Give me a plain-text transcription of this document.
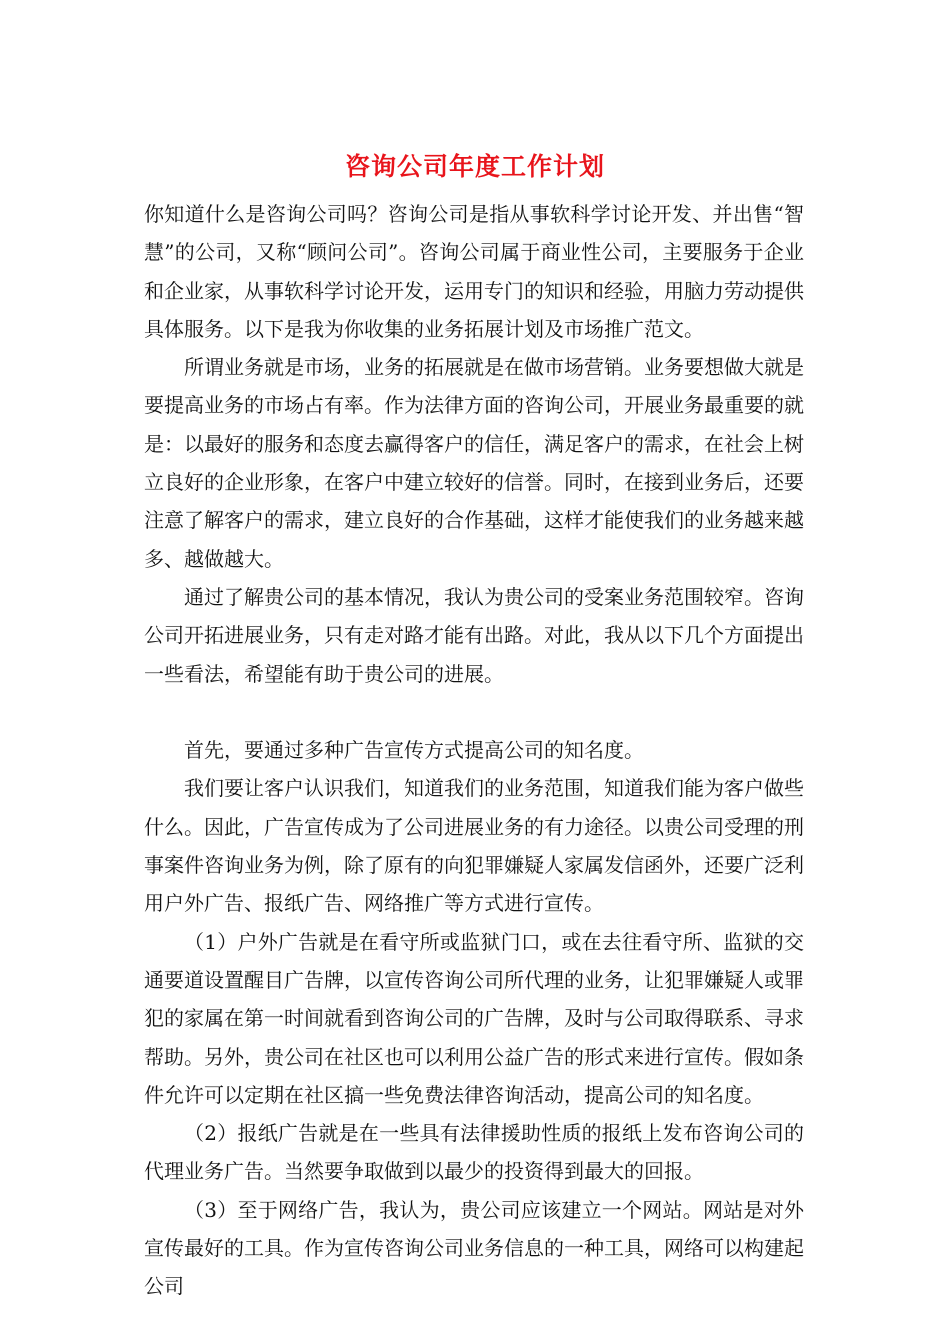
咨询公司年度工作计划

你知道什么是咨询公司吗？咨询公司是指从事软科学讨论开发、并出售“智慧”的公司，又称“顾问公司”。咨询公司属于商业性公司，主要服务于企业和企业家，从事软科学讨论开发，运用专门的知识和经验，用脑力劳动提供具体服务。以下是我为你收集的业务拓展计划及市场推广范文。

所谓业务就是市场，业务的拓展就是在做市场营销。业务要想做大就是要提高业务的市场占有率。作为法律方面的咨询公司，开展业务最重要的就是：以最好的服务和态度去赢得客户的信任，满足客户的需求，在社会上树立良好的企业形象，在客户中建立较好的信誉。同时，在接到业务后，还要注意了解客户的需求，建立良好的合作基础，这样才能使我们的业务越来越多、越做越大。

通过了解贵公司的基本情况，我认为贵公司的受案业务范围较窄。咨询公司开拓进展业务，只有走对路才能有出路。对此，我从以下几个方面提出一些看法，希望能有助于贵公司的进展。

首先，要通过多种广告宣传方式提高公司的知名度。

我们要让客户认识我们，知道我们的业务范围，知道我们能为客户做些什么。因此，广告宣传成为了公司进展业务的有力途径。以贵公司受理的刑事案件咨询业务为例，除了原有的向犯罪嫌疑人家属发信函外，还要广泛利用户外广告、报纸广告、网络推广等方式进行宣传。

（1）户外广告就是在看守所或监狱门口，或在去往看守所、监狱的交通要道设置醒目广告牌，以宣传咨询公司所代理的业务，让犯罪嫌疑人或罪犯的家属在第一时间就看到咨询公司的广告牌，及时与公司取得联系、寻求帮助。另外，贵公司在社区也可以利用公益广告的形式来进行宣传。假如条件允许可以定期在社区搞一些免费法律咨询活动，提高公司的知名度。

（2）报纸广告就是在一些具有法律援助性质的报纸上发布咨询公司的代理业务广告。当然要争取做到以最少的投资得到最大的回报。

（3）至于网络广告，我认为，贵公司应该建立一个网站。网站是对外宣传最好的工具。作为宣传咨询公司业务信息的一种工具，网络可以构建起公司
